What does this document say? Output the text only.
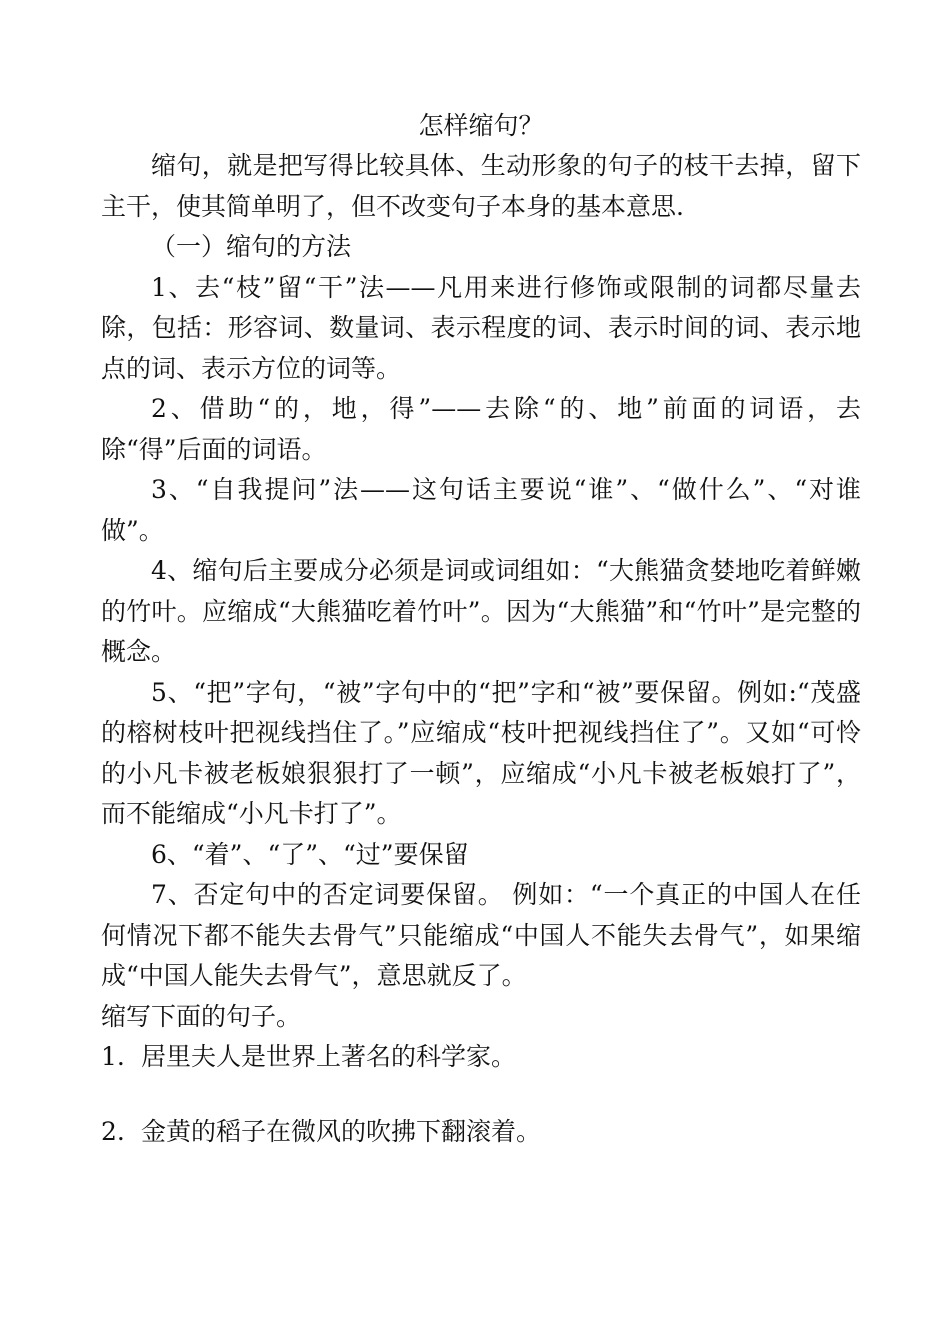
怎样缩句？

缩句，就是把写得比较具体、生动形象的句子的枝干去掉，留下主干，使其简单明了，但不改变句子本身的基本意思.

（一）缩句的方法

1、去“枝”留“干”法——凡用来进行修饰或限制的词都尽量去除，包括：形容词、数量词、表示程度的词、表示时间的词、表示地点的词、表示方位的词等。

2、借助“的，地，得”——去除“的、地”前面的词语，去除“得”后面的词语。

3、“自我提问”法——这句话主要说“谁”、“做什么”、“对谁做”。

4、缩句后主要成分必须是词或词组如：“大熊猫贪婪地吃着鲜嫩的竹叶。应缩成“大熊猫吃着竹叶”。因为“大熊猫”和“竹叶”是完整的概念。

5、“把”字句，“被”字句中的“把”字和“被”要保留。例如:“茂盛的榕树枝叶把视线挡住了。”应缩成“枝叶把视线挡住了”。又如“可怜的小凡卡被老板娘狠狠打了一顿”，应缩成“小凡卡被老板娘打了”，而不能缩成“小凡卡打了”。

6、“着”、“了”、“过”要保留

7、否定句中的否定词要保留。 例如：“一个真正的中国人在任何情况下都不能失去骨气”只能缩成“中国人不能失去骨气”，如果缩成“中国人能失去骨气”，意思就反了。

缩写下面的句子。

1. 居里夫人是世界上著名的科学家。
2. 金黄的稻子在微风的吹拂下翻滚着。
